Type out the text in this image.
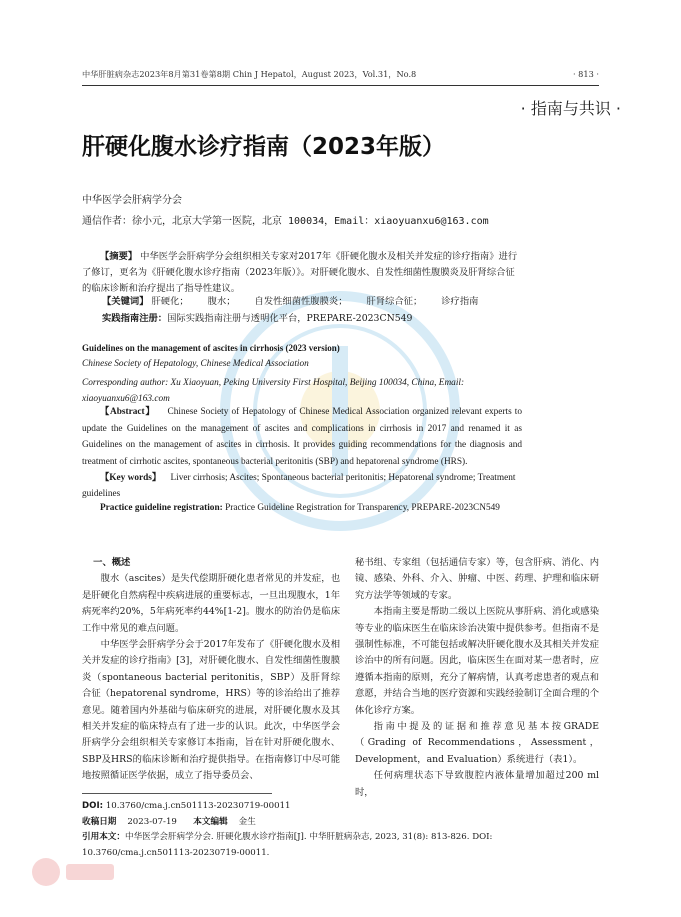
中华肝脏病杂志2023年8月第31卷第8期 Chin J Hepatol，August 2023，Vol.31，No.8	· 813 ·
· 指南与共识 ·
肝硬化腹水诊疗指南（2023年版）
中华医学会肝病学分会
通信作者：徐小元，北京大学第一医院，北京 100034，Email：xiaoyuanxu6@163.com
【摘要】 中华医学会肝病学分会组织相关专家对2017年《肝硬化腹水及相关并发症的诊疗指南》进行了修订，更名为《肝硬化腹水诊疗指南（2023年版）》。对肝硬化腹水、自发性细菌性腹膜炎及肝肾综合征的临床诊断和治疗提出了指导性建议。
【关键词】 肝硬化； 腹水； 自发性细菌性腹膜炎； 肝肾综合征； 诊疗指南
实践指南注册：国际实践指南注册与透明化平台，PREPARE-2023CN549
Guidelines on the management of ascites in cirrhosis (2023 version)
Chinese Society of Hepatology, Chinese Medical Association
Corresponding author: Xu Xiaoyuan, Peking University First Hospital, Beijing 100034, China, Email: xiaoyuanxu6@163.com
【Abstract】 Chinese Society of Hepatology of Chinese Medical Association organized relevant experts to update the Guidelines on the management of ascites and complications in cirrhosis in 2017 and renamed it as Guidelines on the management of ascites in cirrhosis. It provides guiding recommendations for the diagnosis and treatment of cirrhotic ascites, spontaneous bacterial peritonitis (SBP) and hepatorenal syndrome (HRS).
【Key words】 Liver cirrhosis; Ascites; Spontaneous bacterial peritonitis; Hepatorenal syndrome; Treatment guidelines
Practice guideline registration: Practice Guideline Registration for Transparency, PREPARE-2023CN549

一、概述

腹水（ascites）是失代偿期肝硬化患者常见的并发症，也是肝硬化自然病程中疾病进展的重要标志，一旦出现腹水，1年病死率约20%，5年病死率约44%[1-2]。腹水的防治仍是临床工作中常见的难点问题。

中华医学会肝病学分会于2017年发布了《肝硬化腹水及相关并发症的诊疗指南》[3]，对肝硬化腹水、自发性细菌性腹膜炎（spontaneous bacterial peritonitis，SBP）及肝肾综合征（hepatorenal syndrome，HRS）等的诊治给出了推荐意见。随着国内外基础与临床研究的进展，对肝硬化腹水及其相关并发症的临床特点有了进一步的认识。此次，中华医学会肝病学分会组织相关专家修订本指南，旨在针对肝硬化腹水、SBP及HRS的临床诊断和治疗提供指导。在指南修订中尽可能地按照循证医学依据，成立了指导委员会、

秘书组、专家组（包括通信专家）等，包含肝病、消化、内镜、感染、外科、介入、肿瘤、中医、药理、护理和临床研究方法学等领域的专家。

本指南主要是帮助二级以上医院从事肝病、消化或感染等专业的临床医生在临床诊治决策中提供参考。但指南不是强制性标准，不可能包括或解决肝硬化腹水及其相关并发症诊治中的所有问题。因此，临床医生在面对某一患者时，应遵循本指南的原则，充分了解病情，认真考虑患者的观点和意愿，并结合当地的医疗资源和实践经验制订全面合理的个体化诊疗方案。

指南中提及的证据和推荐意见基本按GRADE（Grading of Recommendations，Assessment，Development，and Evaluation）系统进行（表1）。

任何病理状态下导致腹腔内液体量增加超过200 ml时，

DOI: 10.3760/cma.j.cn501113-20230719-00011
收稿日期 2023-07-19 本文编辑 金生
引用本文：中华医学会肝病学分会. 肝硬化腹水诊疗指南[J]. 中华肝脏病杂志, 2023, 31(8): 813-826. DOI: 10.3760/cma.j.cn501113-20230719-00011.
